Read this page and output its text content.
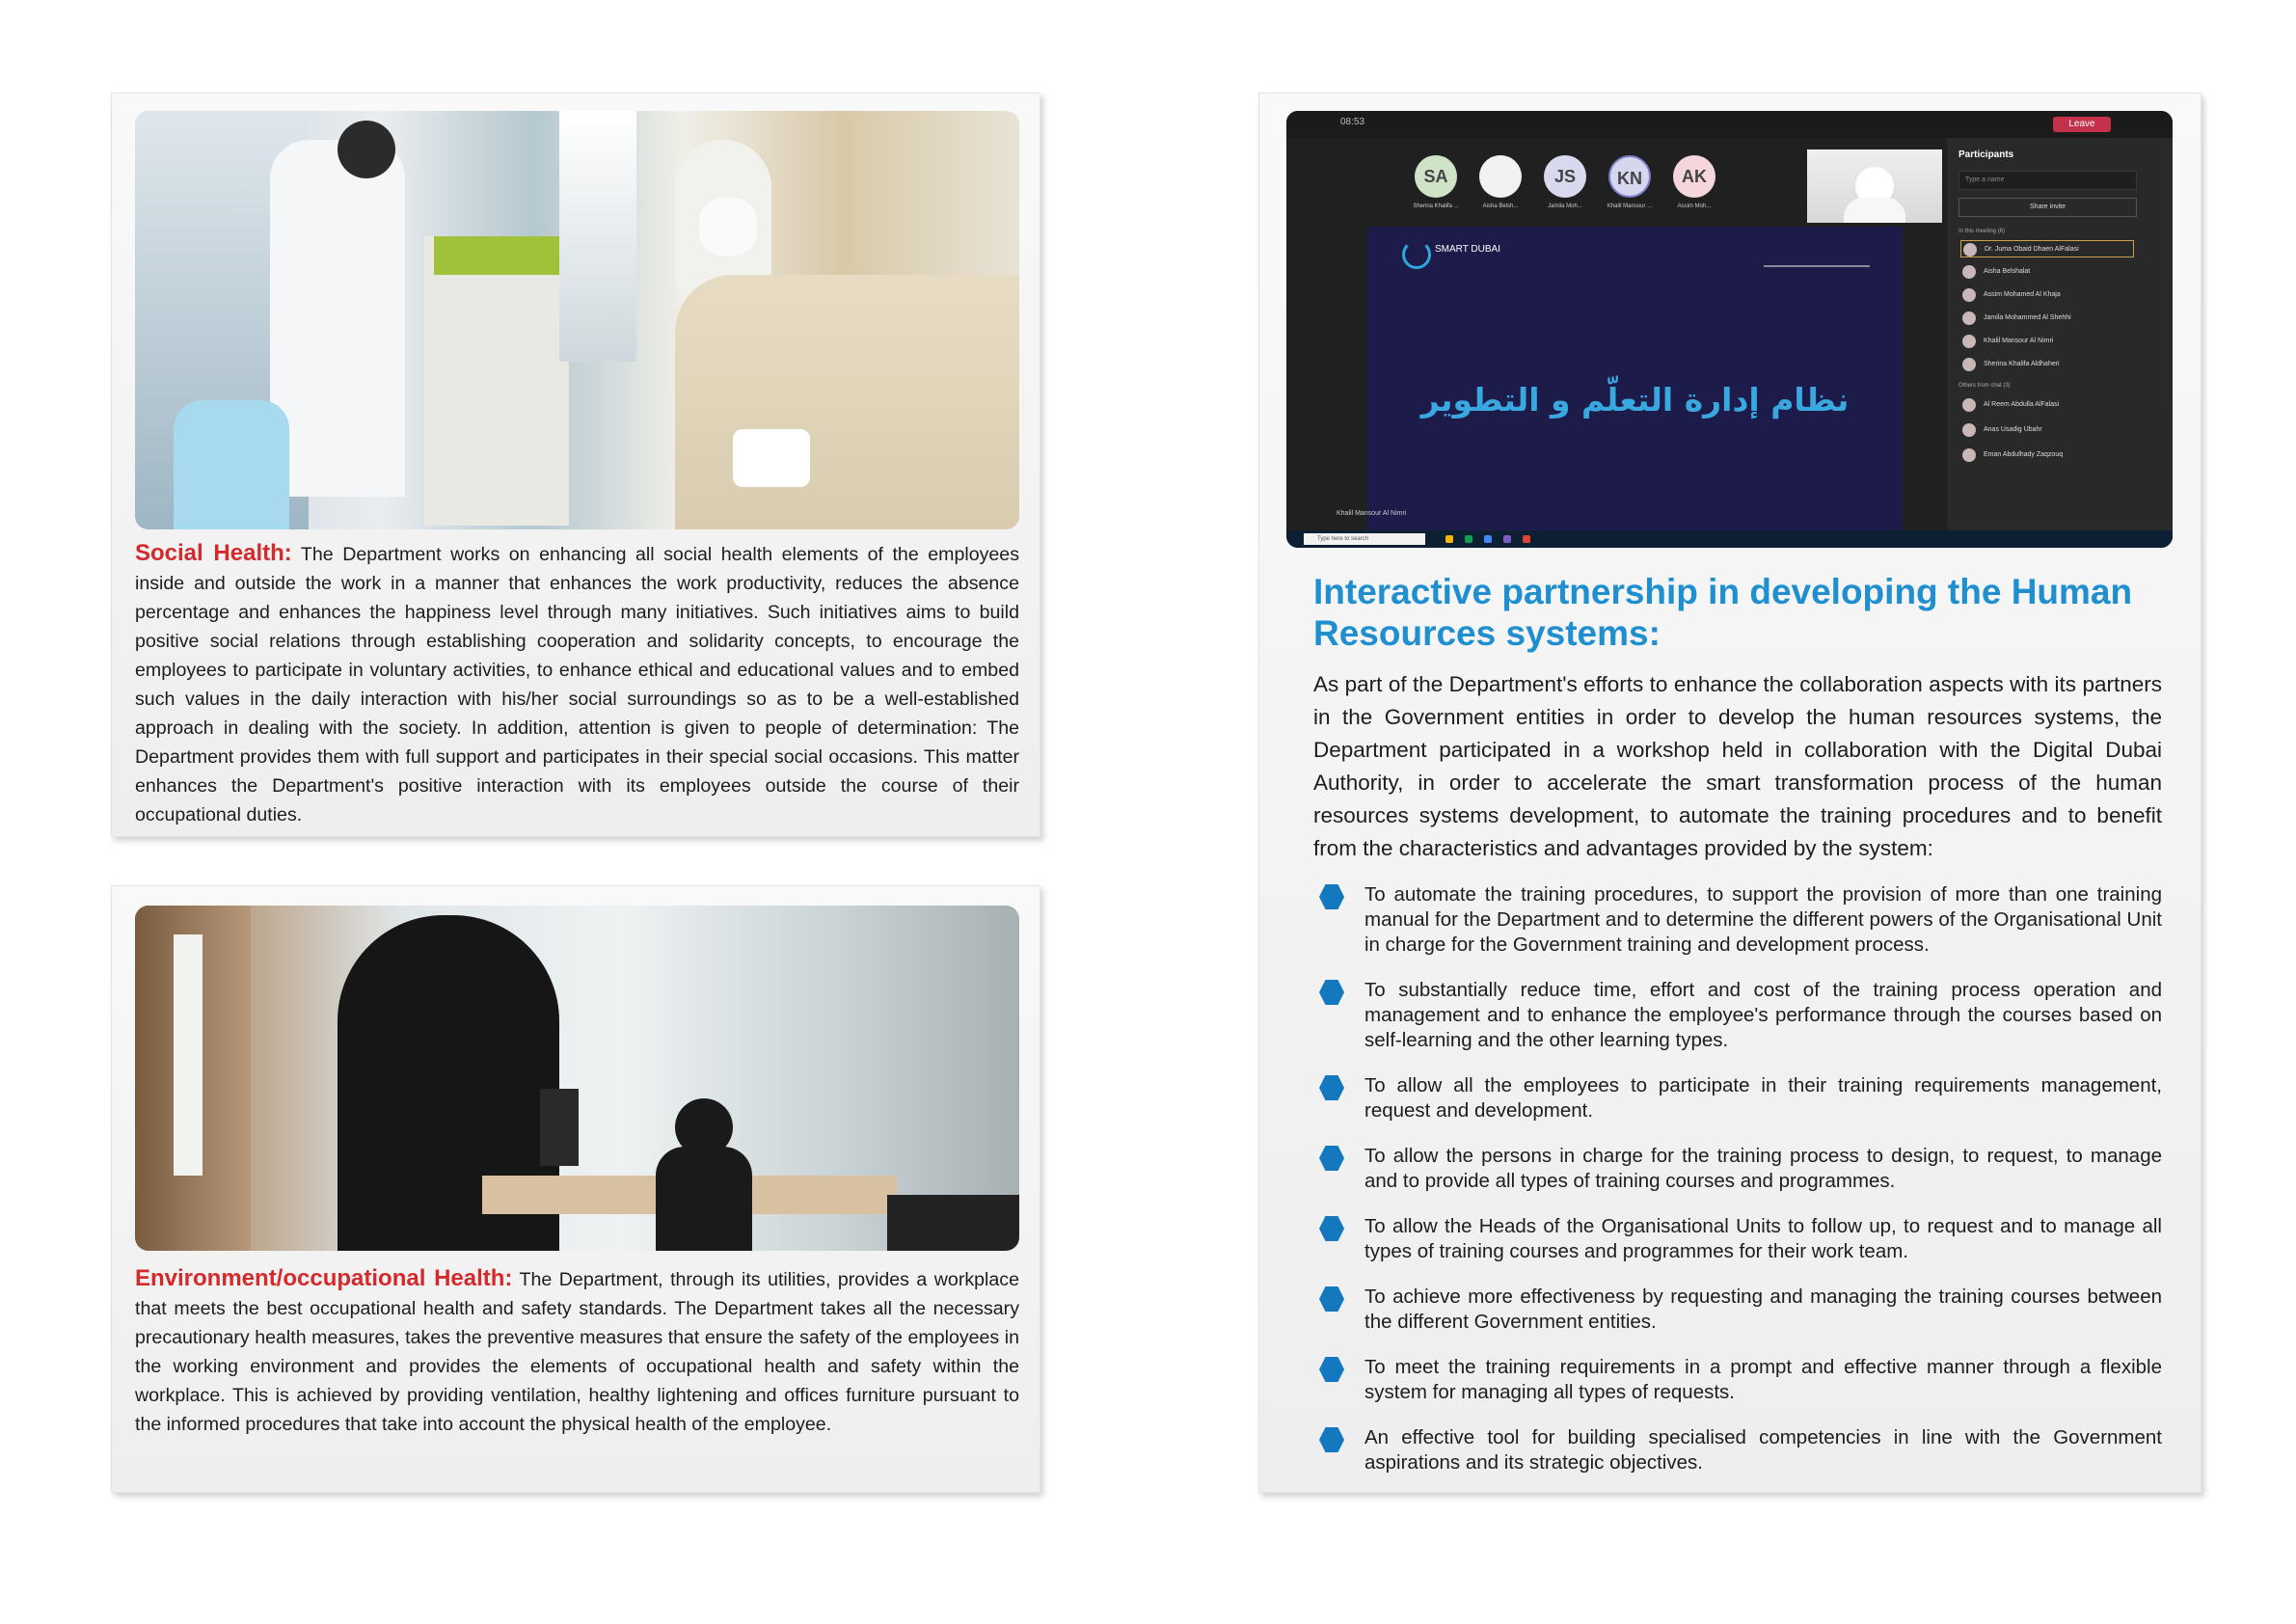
Social Health: The Department works on enhancing all social health elements of the employees inside and outside the work in a manner that enhances the work productivity, reduces the absence percentage and enhances the happiness level through many initiatives. Such initiatives aims to build positive social relations through establishing cooperation and solidarity concepts, to encourage the employees to participate in voluntary activities, to enhance ethical and educational values and to embed such values in the daily interaction with his/her social surroundings so as to be a well-established approach in dealing with the society. In addition, attention is given to people of determination: The Department provides them with full support and participates in their special social occasions. This matter enhances the Department's positive interaction with its employees outside the course of their occupational duties.

Environment/occupational Health: The Department, through its utilities, provides a workplace that meets the best occupational health and safety standards. The Department takes all the necessary precautionary health measures, takes the preventive measures that ensure the safety of the employees in the working environment and provides the elements of occupational health and safety within the workplace. This is achieved by providing ventilation, healthy lightening and offices furniture pursuant to the informed procedures that take into account the physical health of the employee.

08:53	Leave
SA	JS	KN	AK
Sherina Khalifa ...	Aisha Belsh...	Jamila Moh...	Khalil Mansour ...	Assim Moh...
SMART DUBAI
نظام إدارة التعلّم و التطوير
Khalil Mansour Al Nimri
Participants
Type a name
Share invite
In this meeting (6)
Dr. Juma Obaid Dhaen AlFalasi
Aisha Belshalat
Assim Mohamed Al Khaja
Jamila Mohammed Al Shehhi
Khalil Mansour Al Nimri
Sherina Khalifa Aldhaheri
Others from chat (3)
Al Reem Abdulla AlFalasi
Anas Usadig Ubahr
Eman Abdulhady Zaqzouq
Type here to search
Interactive partnership in developing the Human Resources systems:

As part of the Department's efforts to enhance the collaboration aspects with its partners in the Government entities in order to develop the human resources systems, the Department participated in a workshop held in collaboration with the Digital Dubai Authority, in order to accelerate the smart transformation process of the human resources systems development, to automate the training procedures and to benefit from the characteristics and advantages provided by the system:

To automate the training procedures, to support the provision of more than one training manual for the Department and to determine the different powers of the Organisational Unit in charge for the Government training and development process.
To substantially reduce time, effort and cost of the training process operation and management and to enhance the employee's performance through the courses based on self-learning and the other learning types.
To allow all the employees to participate in their training requirements management, request and development.
To allow the persons in charge for the training process to design, to request, to manage and to provide all types of training courses and programmes.
To allow the Heads of the Organisational Units to follow up, to request and to manage all types of training courses and programmes for their work team.
To achieve more effectiveness by requesting and managing the training courses between the different Government entities.
To meet the training requirements in a prompt and effective manner through a flexible system for managing all types of requests.
An effective tool for building specialised competencies in line with the Government aspirations and its strategic objectives.
